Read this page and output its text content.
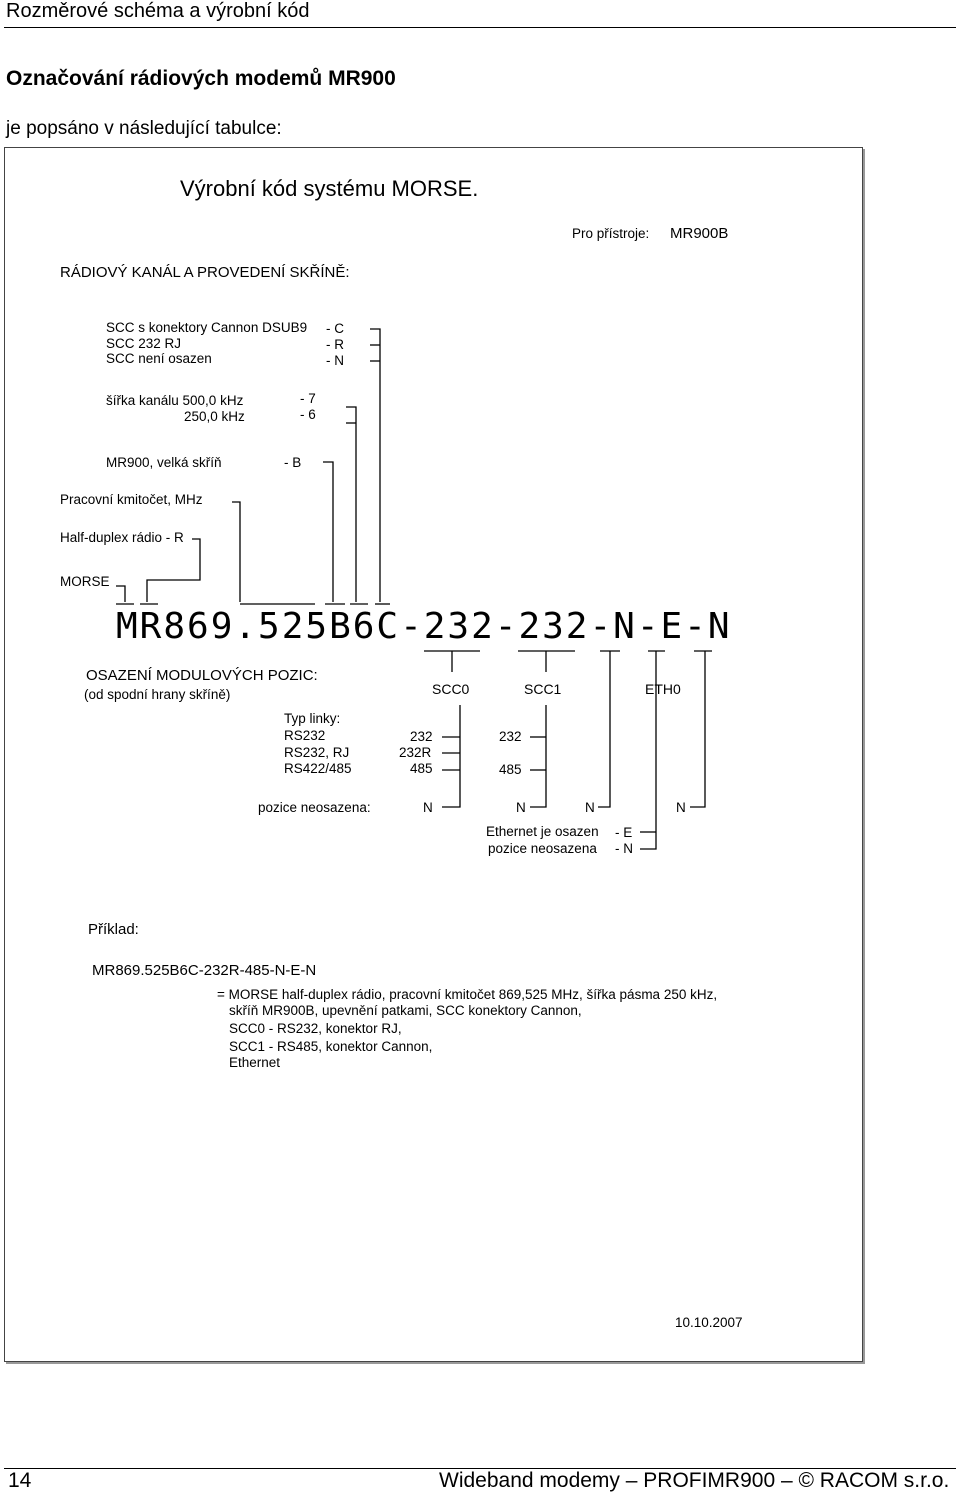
Rozměrové schéma a výrobní kód
Označování rádiových modemů MR900
je popsáno v následující tabulce:
Výrobní kód systému MORSE.
Pro přístroje: MR900B
RÁDIOVÝ KANÁL A PROVEDENÍ SKŘÍNĚ:
SCC s konektory Cannon DSUB9
SCC 232 RJ
SCC není osazen
- C
- R
- N
šířka kanálu 500,0 kHz
250,0 kHz
- 7
- 6
MR900, velká skříň	- B
Pracovní kmitočet, MHz
Half-duplex rádio - R
MORSE
MR869.525B6C-232-232-N-E-N
OSAZENÍ MODULOVÝCH POZIC:
(od spodní hrany skříně)	SCC0	SCC1	ETH0
Typ linky:
RS232
RS232, RJ
RS422/485
232
232R
485
232
485
pozice neosazena:	N	N	N	N
Ethernet je osazen
pozice neosazena
- E
- N
Příklad:
MR869.525B6C-232R-485-N-E-N
= MORSE half-duplex rádio, pracovní kmitočet 869,525 MHz, šířka pásma 250 kHz,
skříň MR900B, upevnění patkami, SCC konektory Cannon,
SCC0 - RS232, konektor RJ,
SCC1 - RS485, konektor Cannon,
Ethernet
10.10.2007
14	Wideband modemy – PROFIMR900 – © RACOM s.r.o.
